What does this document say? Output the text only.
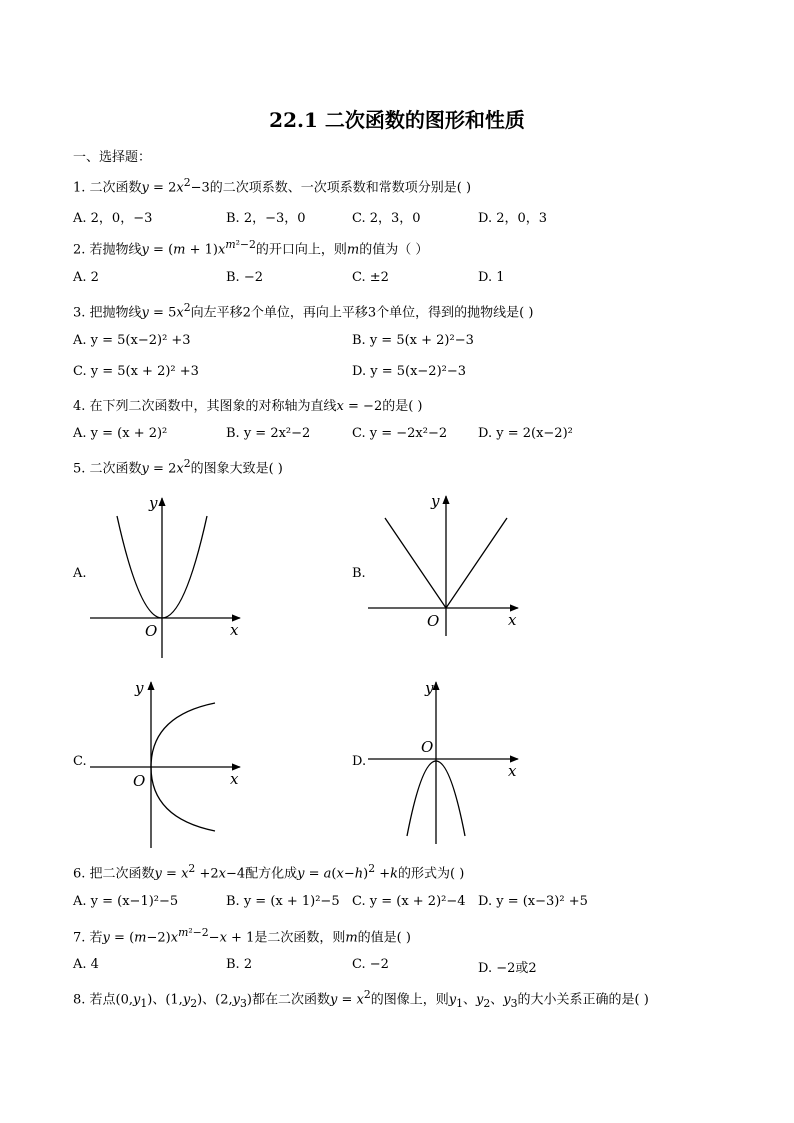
22.1 二次函数的图形和性质
一、选择题：
1. 二次函数$y = 2x^2-3$的二次项系数、一次项系数和常数项分别是( )
A. 2，0，−3	B. 2，−3，0	C. 2，3，0	D. 2，0，3
2. 若抛物线$y = (m + 1)x^{m^2-2}$的开口向上，则m的值为（ ）
A. 2	B. −2	C. ±2	D. 1
3. 把抛物线$y = 5x^2$向左平移2个单位，再向上平移3个单位，得到的抛物线是( )
A. y = 5(x−2)² +3	B. y = 5(x + 2)²−3
C. y = 5(x + 2)² +3	D. y = 5(x−2)²−3
4. 在下列二次函数中，其图象的对称轴为直线x = −2的是( )
A. y = (x + 2)²	B. y = 2x²−2	C. y = −2x²−2 D. y = 2(x−2)²
5. 二次函数$y = 2x^2$的图象大致是( )
A.
y
x
O
B.
y
x
O
C.
y
x
O
D.
y
x
O
6. 把二次函数$y = x^2 +2x-4$配方化成$y = a(x-h)^2 +k$的形式为( )
A. y = (x−1)²−5	B. y = (x + 1)²−5 C. y = (x + 2)²−4 D. y = (x−3)² +5
7. 若$y = (m-2)x^{m^2-2}-x + 1$是二次函数，则m的值是( )
A. 4	B. 2	C. −2	D. −2或2
8. 若点$(0,y_1)$、$(1,y_2)$、$(2,y_3)$都在二次函数$y = x^2$的图像上，则$y_1$、$y_2$、$y_3$的大小关系正确的是( )
